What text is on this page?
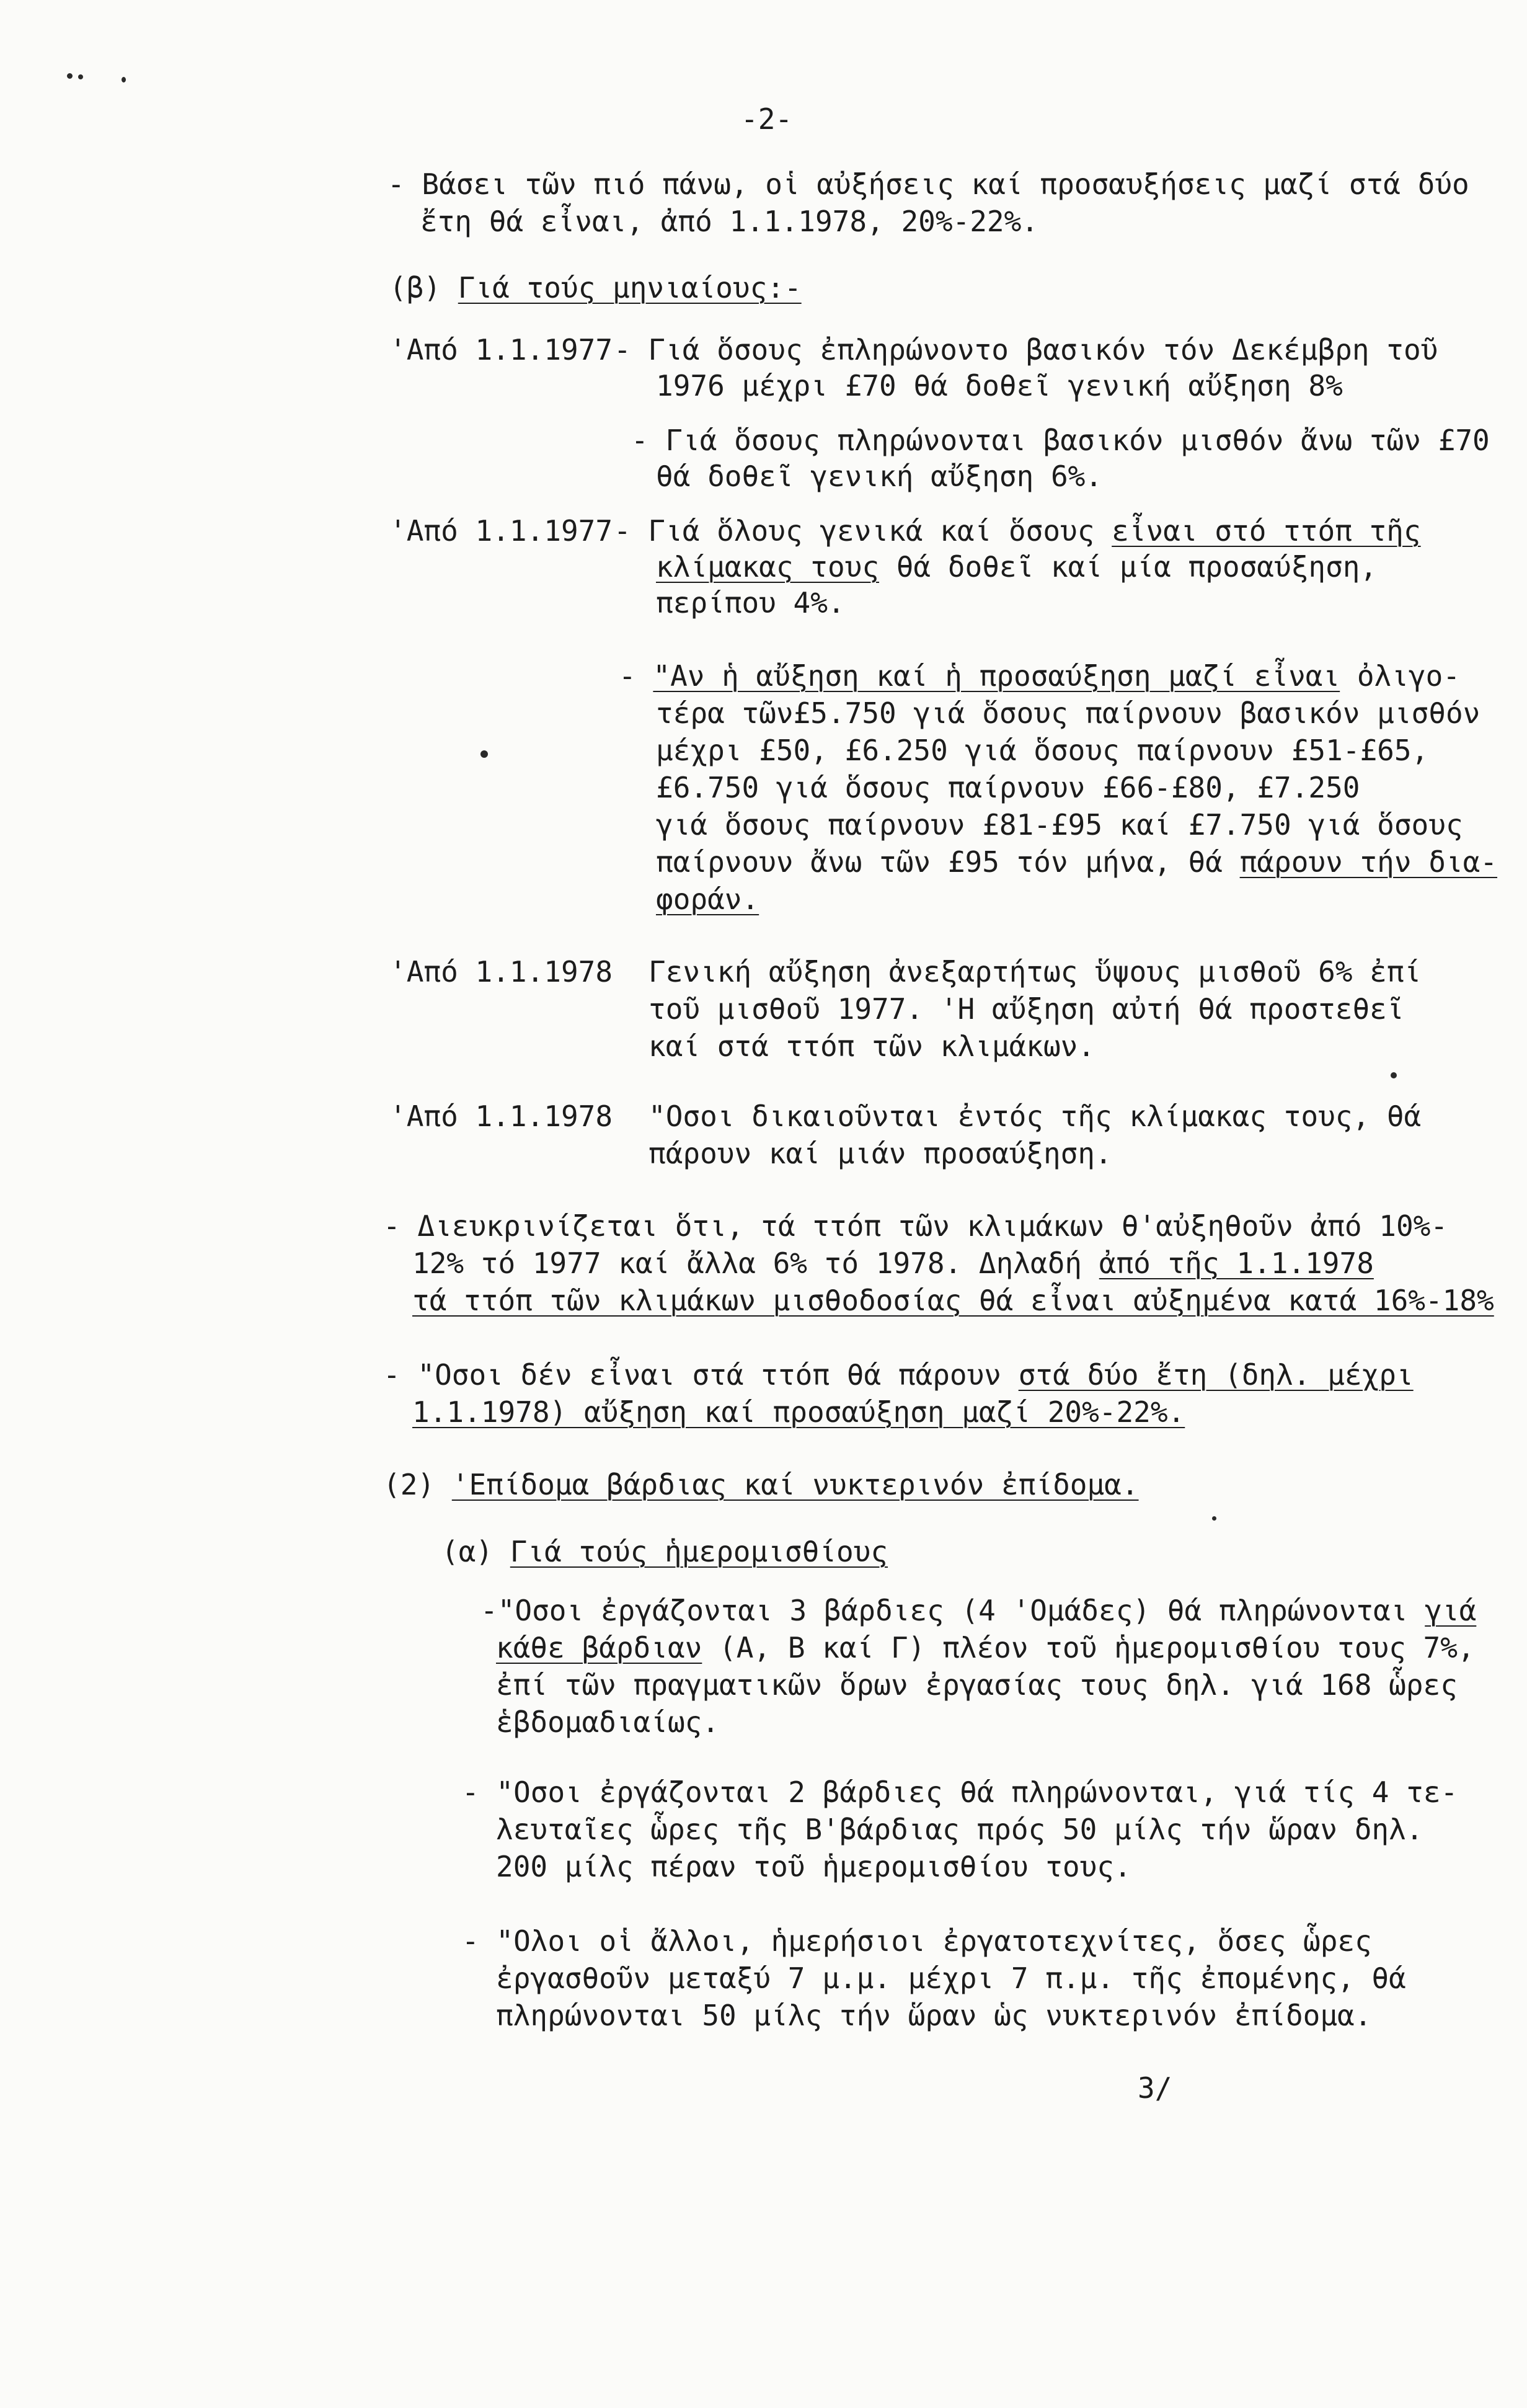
-2-
- Βάσει τῶν πιό πάνω, οἱ αὐξήσεις καί προσαυξήσεις μαζί στά δύο
ἔτη θά εἶναι, ἀπό 1.1.1978, 20%-22%.
(β) Γιά τούς μηνιαίους:-
'Από 1.1.1977 - Γιά ὅσους ἐπληρώνοντο βασικόν τόν Δεκέμβρη τοῦ
1976 μέχρι £70 θά δοθεῖ γενική αὔξηση 8%
- Γιά ὅσους πληρώνονται βασικόν μισθόν ἄνω τῶν £70
θά δοθεῖ γενική αὔξηση 6%.
'Από 1.1.1977 - Γιά ὅλους γενικά καί ὅσους εἶναι στό ττόπ τῆς
κλίμακας τους θά δοθεῖ καί μία προσαύξηση,
περίπου 4%.
- "Αν ἡ αὔξηση καί ἡ προσαύξηση μαζί εἶναι ὀλιγο-
τέρα τῶν£5.750 γιά ὅσους παίρνουν βασικόν μισθόν
μέχρι £50, £6.250 γιά ὅσους παίρνουν £51-£65,
£6.750 γιά ὅσους παίρνουν £66-£80, £7.250
γιά ὅσους παίρνουν £81-£95 καί £7.750 γιά ὅσους
παίρνουν ἄνω τῶν £95 τόν μήνα, θά πάρουν τήν δια-
φοράν.
'Από 1.1.1978 Γενική αὔξηση ἀνεξαρτήτως ὕψους μισθοῦ 6% ἐπί
τοῦ μισθοῦ 1977. 'Η αὔξηση αὐτή θά προστεθεῖ
καί στά ττόπ τῶν κλιμάκων.
'Από 1.1.1978 "Οσοι δικαιοῦνται ἐντός τῆς κλίμακας τους, θά
πάρουν καί μιάν προσαύξηση.
- Διευκρινίζεται ὅτι, τά ττόπ τῶν κλιμάκων θ'αὐξηθοῦν ἀπό 10%-
12% τό 1977 καί ἄλλα 6% τό 1978. Δηλαδή ἀπό τῆς 1.1.1978
τά ττόπ τῶν κλιμάκων μισθοδοσίας θά εἶναι αὐξημένα κατά 16%-18%
- "Οσοι δέν εἶναι στά ττόπ θά πάρουν στά δύο ἔτη (δηλ. μέχρι
1.1.1978) αὔξηση καί προσαύξηση μαζί 20%-22%.
(2) 'Επίδομα βάρδιας καί νυκτερινόν ἐπίδομα.
(α) Γιά τούς ἡμερομισθίους
-"Οσοι ἐργάζονται 3 βάρδιες (4 'Ομάδες) θά πληρώνονται γιά
κάθε βάρδιαν (Α, Β καί Γ) πλέον τοῦ ἡμερομισθίου τους 7%,
ἐπί τῶν πραγματικῶν ὅρων ἐργασίας τους δηλ. γιά 168 ὧρες
ἑβδομαδιαίως.
- "Οσοι ἐργάζονται 2 βάρδιες θά πληρώνονται, γιά τίς 4 τε-
λευταῖες ὧρες τῆς Β'βάρδιας πρός 50 μίλς τήν ὥραν δηλ.
200 μίλς πέραν τοῦ ἡμερομισθίου τους.
- "Ολοι οἱ ἄλλοι, ἡμερήσιοι ἐργατοτεχνίτες, ὅσες ὧρες
ἐργασθοῦν μεταξύ 7 μ.μ. μέχρι 7 π.μ. τῆς ἐπομένης, θά
πληρώνονται 50 μίλς τήν ὥραν ὡς νυκτερινόν ἐπίδομα.
3/
